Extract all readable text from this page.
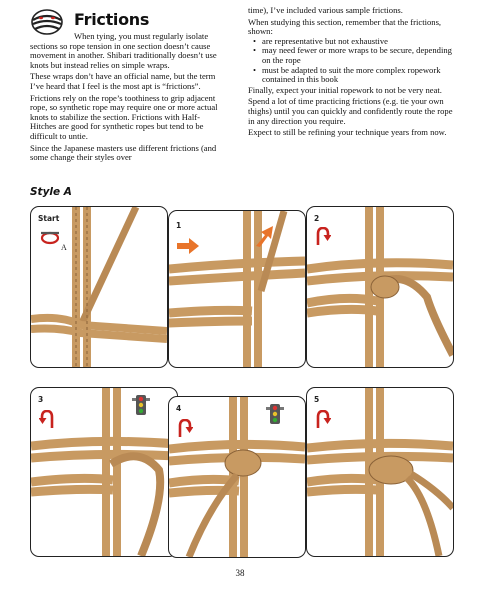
Frictions

When tying, you must regularly isolate sections so rope tension in one section doesn’t cause movement in another. Shibari traditionally doesn’t use knots but instead relies on simple wraps.

These wraps don’t have an official name, but the term I’ve heard that I feel is the most apt is “frictions”.

Frictions rely on the rope’s toothiness to grip adjacent rope, so synthetic rope may require one or more actual knots to stabilize the section. Frictions with Half-Hitches are good for synthetic ropes but tend to be difficult to untie.

Since the Japanese masters use different frictions (and some change their styles over

time), I’ve included various sample frictions.

When studying this section, remember that the frictions, shown:

• are representative but not exhaustive
• may need fewer or more wraps to be secure, depending on the rope
• must be adapted to suit the more complex ropework contained in this book

Finally, expect your initial ropework to not be very neat.

Spend a lot of time practicing frictions (e.g. tie your own thighs) until you can quickly and confidently route the rope in any direction you require.

Expect to still be refining your technique years from now.

Style A
Start
A
1
2
3
4
5
38
